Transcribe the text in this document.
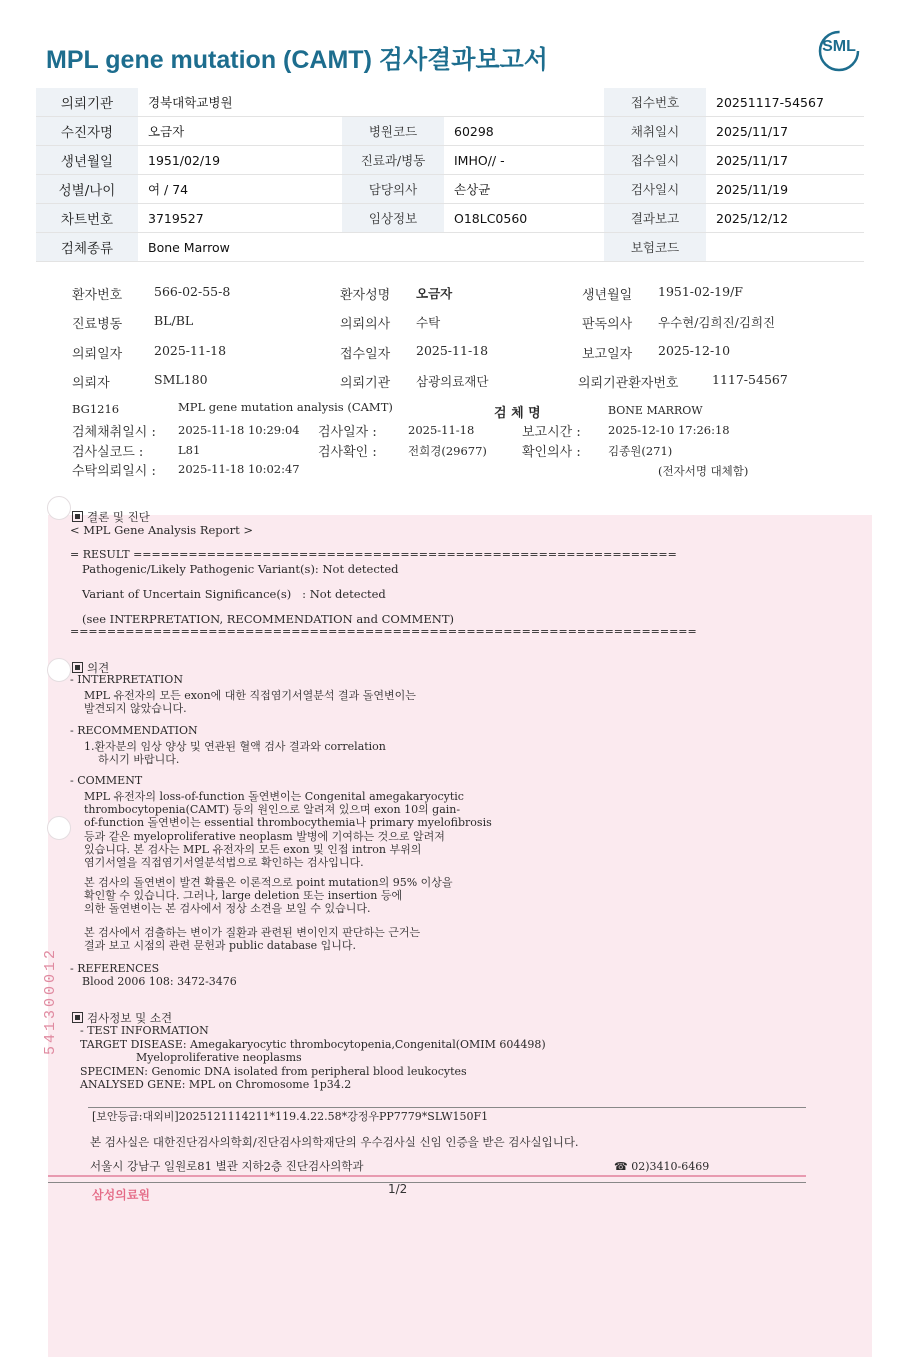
MPL gene mutation (CAMT) 검사결과보고서	SML
의뢰기관	경북대학교병원			접수번호	20251117-54567
수진자명	오금자	병원코드	60298	채취일시	2025/11/17
생년월일	1951/02/19	진료과/병동	IMHO// -	접수일시	2025/11/17
성별/나이	여 / 74	담당의사	손상균	검사일시	2025/11/19
차트번호	3719527	임상정보	O18LC0560	결과보고	2025/12/12
검체종류	Bone Marrow			보험코드	
환자번호	566-02-55-8	환자성명 오금자	생년월일 1951-02-19/F
진료병동	BL/BL	의뢰의사 수탁	판독의사 우수현/김희진/김희진
의뢰일자	2025-11-18	접수일자 2025-11-18	보고일자 2025-12-10
의뢰자	SML180	의뢰기관 삼광의료재단	의뢰기관환자번호	1117-54567
BG1216	MPL gene mutation analysis (CAMT)	검 체 명	BONE MARROW
검체채취일시 : 2025-11-18 10:29:04 검사일자 :	2025-11-18	보고시간 : 2025-12-10 17:26:18
검사실코드 :	L81	검사확인 :	전희경(29677)	확인의사 : 김종원(271)
수탁의뢰일시 : 2025-11-18 10:02:47	(전자서명 대체함)
결론 및 진단
< MPL Gene Analysis Report >
= RESULT ===========================================================
Pathogenic/Likely Pathogenic Variant(s): Not detected
Variant of Uncertain Significance(s)   : Not detected
(see INTERPRETATION, RECOMMENDATION and COMMENT)
====================================================================
의견
- INTERPRETATION
MPL 유전자의 모든 exon에 대한 직접염기서열분석 결과 돌연변이는
발견되지 않았습니다.
- RECOMMENDATION
1.환자분의 임상 양상 및 연관된 혈액 검사 결과와 correlation
하시기 바랍니다.
- COMMENT
MPL 유전자의 loss-of-function 돌연변이는 Congenital amegakaryocytic
thrombocytopenia(CAMT) 등의 원인으로 알려져 있으며 exon 10의 gain-
of-function 돌연변이는 essential thrombocythemia나 primary myelofibrosis
등과 같은 myeloproliferative neoplasm 발병에 기여하는 것으로 알려져
있습니다. 본 검사는 MPL 유전자의 모든 exon 및 인접 intron 부위의
염기서열을 직접염기서열분석법으로 확인하는 검사입니다.
본 검사의 돌연변이 발견 확률은 이론적으로 point mutation의 95% 이상을
확인할 수 있습니다. 그러나, large deletion 또는 insertion 등에
의한 돌연변이는 본 검사에서 정상 소견을 보일 수 있습니다.
본 검사에서 검출하는 변이가 질환과 관련된 변이인지 판단하는 근거는
결과 보고 시점의 관련 문헌과 public database 입니다.
- REFERENCES
Blood 2006 108: 3472-3476
검사정보 및 소견
- TEST INFORMATION
TARGET DISEASE: Amegakaryocytic thrombocytopenia,Congenital(OMIM 604498)
Myeloproliferative neoplasms
SPECIMEN: Genomic DNA isolated from peripheral blood leukocytes
ANALYSED GENE: MPL on Chromosome 1p34.2
541300012
[보안등급:대외비]2025121114211*119.4.22.58*강정우PP7779*SLW150F1
본 검사실은 대한진단검사의학회/진단검사의학재단의 우수검사실 신임 인증을 받은 검사실입니다.
서울시 강남구 일원로81 별관 지하2층 진단검사의학과	☎ 02)3410-6469
삼성의료원	1/2
